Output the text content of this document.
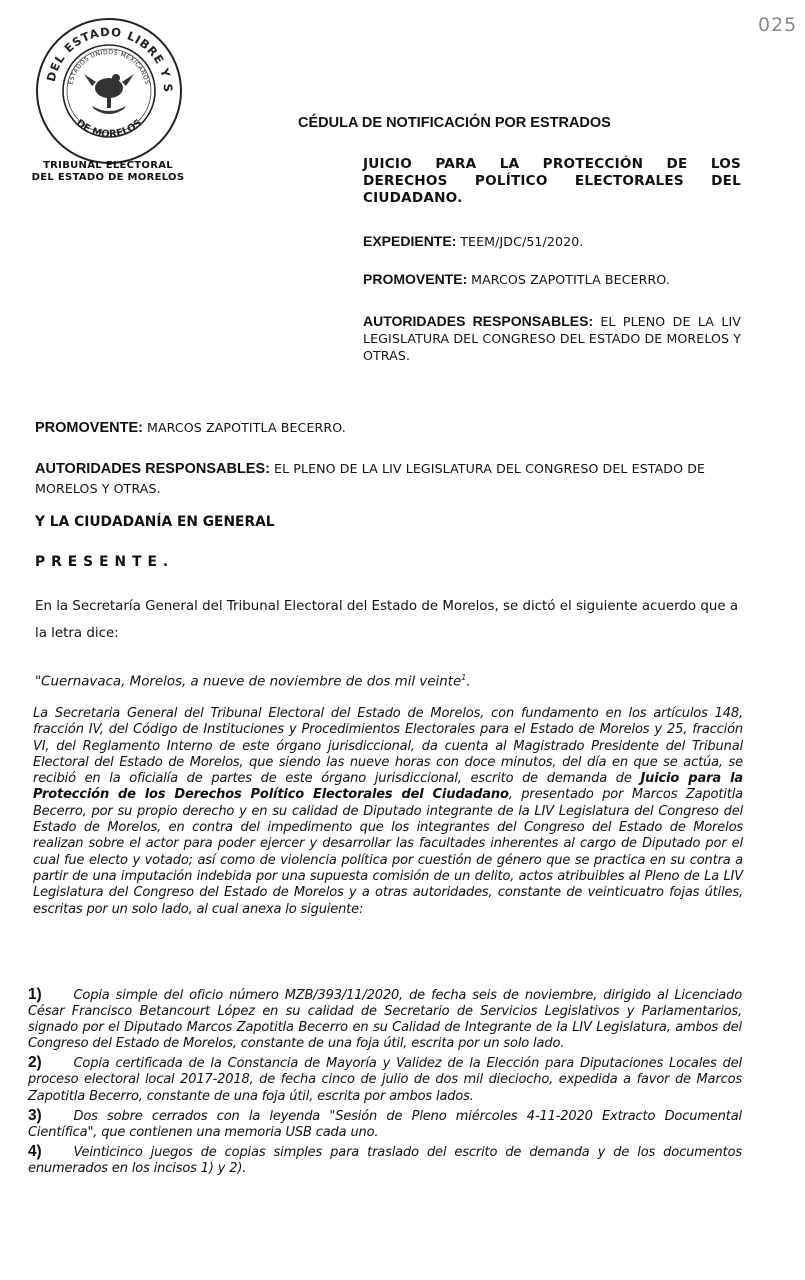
025
DEL ESTADO LIBRE Y S
ESTADOS UNIDOS MEXICANOS
DE MORELOS
TRIBUNAL ELECTORAL
DEL ESTADO DE MORELOS
CÉDULA DE NOTIFICACIÓN POR ESTRADOS
JUICIO PARA LA PROTECCIÓN DE LOS DERECHOS POLÍTICO ELECTORALES DEL CIUDADANO.
EXPEDIENTE: TEEM/JDC/51/2020.
PROMOVENTE: MARCOS ZAPOTITLA BECERRO.
AUTORIDADES RESPONSABLES: EL PLENO DE LA LIV LEGISLATURA DEL CONGRESO DEL ESTADO DE MORELOS Y OTRAS.
PROMOVENTE: MARCOS ZAPOTITLA BECERRO.
AUTORIDADES RESPONSABLES: EL PLENO DE LA LIV LEGISLATURA DEL CONGRESO DEL ESTADO DE MORELOS Y OTRAS.
Y LA CIUDADANÍA EN GENERAL
PRESENTE.
En la Secretaría General del Tribunal Electoral del Estado de Morelos, se dictó el siguiente acuerdo que a la letra dice:
"Cuernavaca, Morelos, a nueve de noviembre de dos mil veinte$^1$.
La Secretaria General del Tribunal Electoral del Estado de Morelos, con fundamento en los artículos 148, fracción IV, del Código de Instituciones y Procedimientos Electorales para el Estado de Morelos y 25, fracción VI, del Reglamento Interno de este órgano jurisdiccional, da cuenta al Magistrado Presidente del Tribunal Electoral del Estado de Morelos, que siendo las nueve horas con doce minutos, del día en que se actúa, se recibió en la oficialía de partes de este órgano jurisdiccional, escrito de demanda de Juicio para la Protección de los Derechos Político Electorales del Ciudadano, presentado por Marcos Zapotitla Becerro, por su propio derecho y en su calidad de Diputado integrante de la LIV Legislatura del Congreso del Estado de Morelos, en contra del impedimento que los integrantes del Congreso del Estado de Morelos realizan sobre el actor para poder ejercer y desarrollar las facultades inherentes al cargo de Diputado por el cual fue electo y votado; así como de violencia política por cuestión de género que se practica en su contra a partir de una imputación indebida por una supuesta comisión de un delito, actos atribuibles al Pleno de La LIV Legislatura del Congreso del Estado de Morelos y a otras autoridades, constante de veinticuatro fojas útiles, escritas por un solo lado, al cual anexa lo siguiente:
1) Copia simple del oficio número MZB/393/11/2020, de fecha seis de noviembre, dirigido al Licenciado César Francisco Betancourt López en su calidad de Secretario de Servicios Legislativos y Parlamentarios, signado por el Diputado Marcos Zapotitla Becerro en su Calidad de Integrante de la LIV Legislatura, ambos del Congreso del Estado de Morelos, constante de una foja útil, escrita por un solo lado.
2) Copia certificada de la Constancia de Mayoría y Validez de la Elección para Diputaciones Locales del proceso electoral local 2017-2018, de fecha cinco de julio de dos mil dieciocho, expedida a favor de Marcos Zapotitla Becerro, constante de una foja útil, escrita por ambos lados.
3) Dos sobre cerrados con la leyenda "Sesión de Pleno miércoles 4-11-2020 Extracto Documental Científica", que contienen una memoria USB cada uno.
4) Veinticinco juegos de copias simples para traslado del escrito de demanda y de los documentos enumerados en los incisos 1) y 2).
